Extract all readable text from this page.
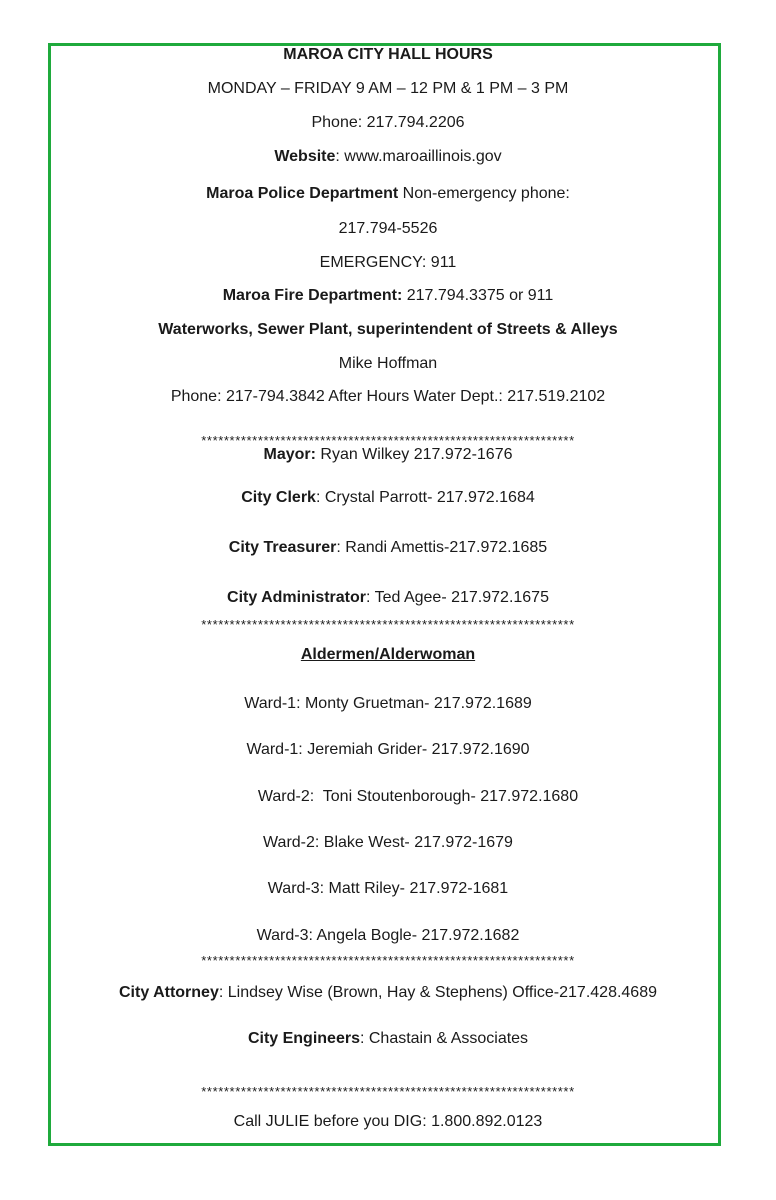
MAROA CITY HALL HOURS
MONDAY – FRIDAY 9 AM – 12 PM & 1 PM – 3 PM
Phone: 217.794.2206
Website: www.maroaillinois.gov
Maroa Police Department Non-emergency phone:
217.794-5526
EMERGENCY: 911
Maroa Fire Department: 217.794.3375 or 911
Waterworks, Sewer Plant, superintendent of Streets & Alleys
Mike Hoffman
Phone: 217-794.3842 After Hours Water Dept.: 217.519.2102
******************************************************************
Mayor: Ryan Wilkey 217.972-1676
City Clerk: Crystal Parrott- 217.972.1684
City Treasurer: Randi Amettis-217.972.1685
City Administrator: Ted Agee- 217.972.1675
******************************************************************
Aldermen/Alderwoman
Ward-1: Monty Gruetman- 217.972.1689
Ward-1: Jeremiah Grider- 217.972.1690
Ward-2:  Toni Stoutenborough- 217.972.1680
Ward-2: Blake West- 217.972-1679
Ward-3: Matt Riley- 217.972-1681
Ward-3: Angela Bogle- 217.972.1682
******************************************************************
City Attorney: Lindsey Wise (Brown, Hay & Stephens) Office-217.428.4689
City Engineers: Chastain & Associates
******************************************************************
Call JULIE before you DIG: 1.800.892.0123
